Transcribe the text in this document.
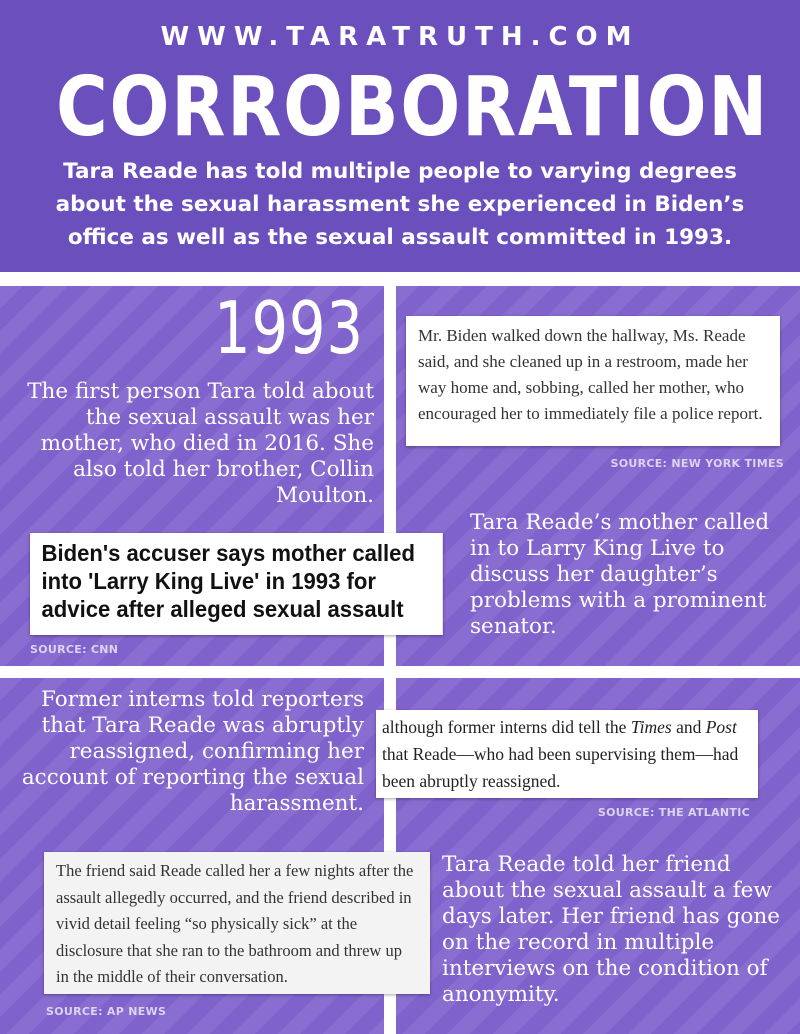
WWW.TARATRUTH.COM
CORROBORATION
Tara Reade has told multiple people to varying degrees about the sexual harassment she experienced in Biden’s office as well as the sexual assault committed in 1993.
1993
The first person Tara told about the sexual assault was her mother, who died in 2016. She also told her brother, Collin Moulton.
Mr. Biden walked down the hallway, Ms. Reade said, and she cleaned up in a restroom, made her way home and, sobbing, called her mother, who encouraged her to immediately file a police report.
SOURCE: NEW YORK TIMES
Biden's accuser says mother called into 'Larry King Live' in 1993 for advice after alleged sexual assault
SOURCE: CNN
Tara Reade’s mother called in to Larry King Live to discuss her daughter’s problems with a prominent senator.
Former interns told reporters that Tara Reade was abruptly reassigned, confirming her account of reporting the sexual harassment.
although former interns did tell the Times and Post that Reade—who had been supervising them—had been abruptly reassigned.
SOURCE: THE ATLANTIC
The friend said Reade called her a few nights after the assault allegedly occurred, and the friend described in vivid detail feeling “so physically sick” at the disclosure that she ran to the bathroom and threw up in the middle of their conversation.
SOURCE: AP NEWS
Tara Reade told her friend about the sexual assault a few days later. Her friend has gone on the record in multiple interviews on the condition of anonymity.
